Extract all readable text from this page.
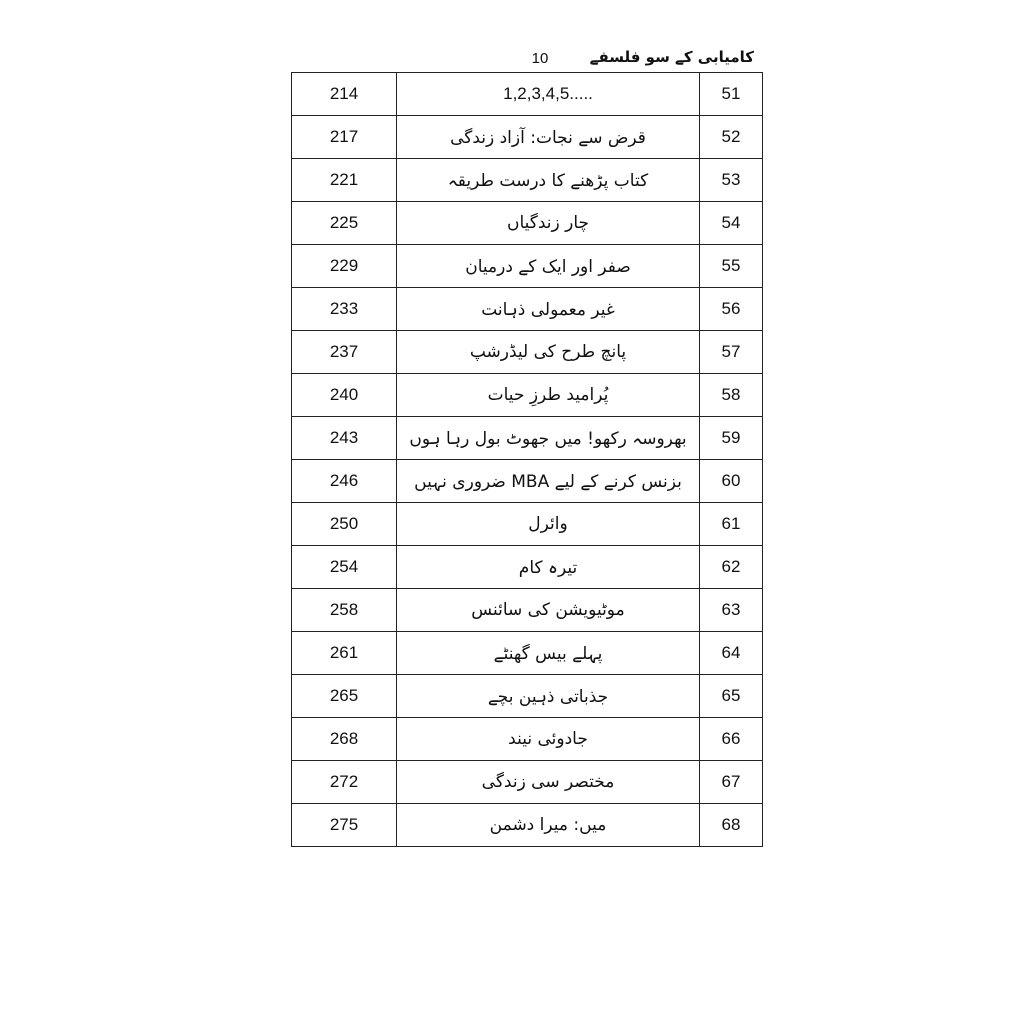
10	کامیابی کے سو فلسفے
214	1,2,3,4,5.....	51
217	قرض سے نجات: آزاد زندگی	52
221	کتاب پڑھنے کا درست طریقہ	53
225	چار زندگیاں	54
229	صفر اور ایک کے درمیان	55
233	غیر معمولی ذہانت	56
237	پانچ طرح کی لیڈرشپ	57
240	پُرامید طرزِ حیات	58
243	بھروسہ رکھو! میں جھوٹ بول رہا ہوں	59
246	بزنس کرنے کے لیے MBA ضروری نہیں	60
250	وائرل	61
254	تیرہ کام	62
258	موٹیویشن کی سائنس	63
261	پہلے بیس گھنٹے	64
265	جذباتی ذہین بچے	65
268	جادوئی نیند	66
272	مختصر سی زندگی	67
275	میں: میرا دشمن	68
